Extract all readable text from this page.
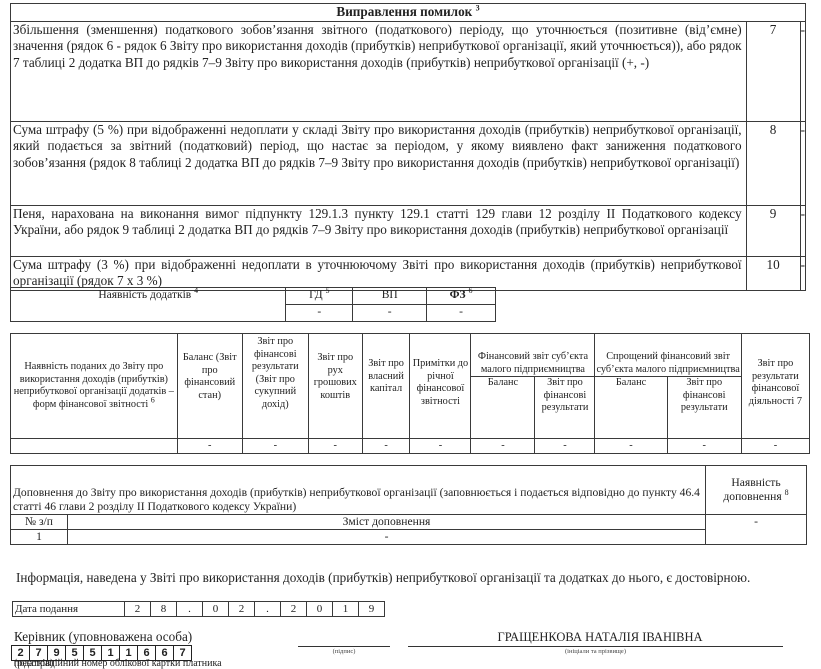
Виправлення помилок $^3$
Збільшення (зменшення) податкового зобов’язання звітного (податкового) періоду, що уточнюється (позитивне (від’ємне) значення (рядок 6 - рядок 6 Звіту про використання доходів (прибутків) неприбуткової організації, який уточнюється)), або рядок 7 таблиці 2 додатка ВП до рядків 7–9 Звіту про використання доходів (прибутків) неприбуткової організації (+, -)	7	-
Сума штрафу (5 %) при відображенні недоплати у складі Звіту про використання доходів (прибутків) неприбуткової організації, який подається за звітний (податковий) період, що настає за періодом, у якому виявлено факт заниження податкового зобов’язання (рядок 8 таблиці 2 додатка ВП до рядків 7–9 Звіту про використання доходів (прибутків) неприбуткової організації)	8	-
Пеня, нарахована на виконання вимог підпункту 129.1.3 пункту 129.1 статті 129 глави 12 розділу II Податкового кодексу України, або рядок 9 таблиці 2 додатка ВП до рядків 7–9 Звіту про використання доходів (прибутків) неприбуткової організації	9	-
Сума штрафу (3 %) при відображенні недоплати в уточнюючому Звіті про використання доходів (прибутків) неприбуткової організації (рядок 7 х 3 %)	10	-
Наявність додатків $^4$	ГД $^5$	ВП	ФЗ $^6$
	-	-	-
Наявність поданих до Звіту про використання доходів (прибутків) неприбуткової організації додатків – форм фінансової звітності $^6$	Баланс (Звіт про фінансовий стан)	Звіт про фінансові результати (Звіт про сукупний дохід)	Звіт про рух грошових коштів	Звіт про власний капітал	Примітки до річної фінансової звітності	Фінансовий звіт суб’єкта малого підприємництва		Спрощений фінансовий звіт суб’єкта малого підприємництва		Звіт про результати фінансової діяльності 7
						Баланс	Звіт про фінансові результати	Баланс	Звіт про фінансові результати	
	-	-	-	-	-	-	-	-	-	-
Доповнення до Звіту про використання доходів (прибутків) неприбуткової організації (заповнюється і подається відповідно до пункту 46.4 статті 46 глави 2 розділу II Податкового кодексу України)		Наявність доповнення $^8$
№ з/п	Зміст доповнення	-
1	-	
Інформація, наведена у Звіті про використання доходів (прибутків) неприбуткової організації та додатках до нього, є достовірною.
Дата подання	2	8	.	0	2	.	2	0	1	9
Керівник (уповноважена особа)
2	7	9	5	5	1	1	6	6	7	(підпис)
ГРАЩЕНКОВА НАТАЛІЯ ІВАНІВНА
(ініціали та прізвище)
(реєстраційний номер облікової картки платника податків)
